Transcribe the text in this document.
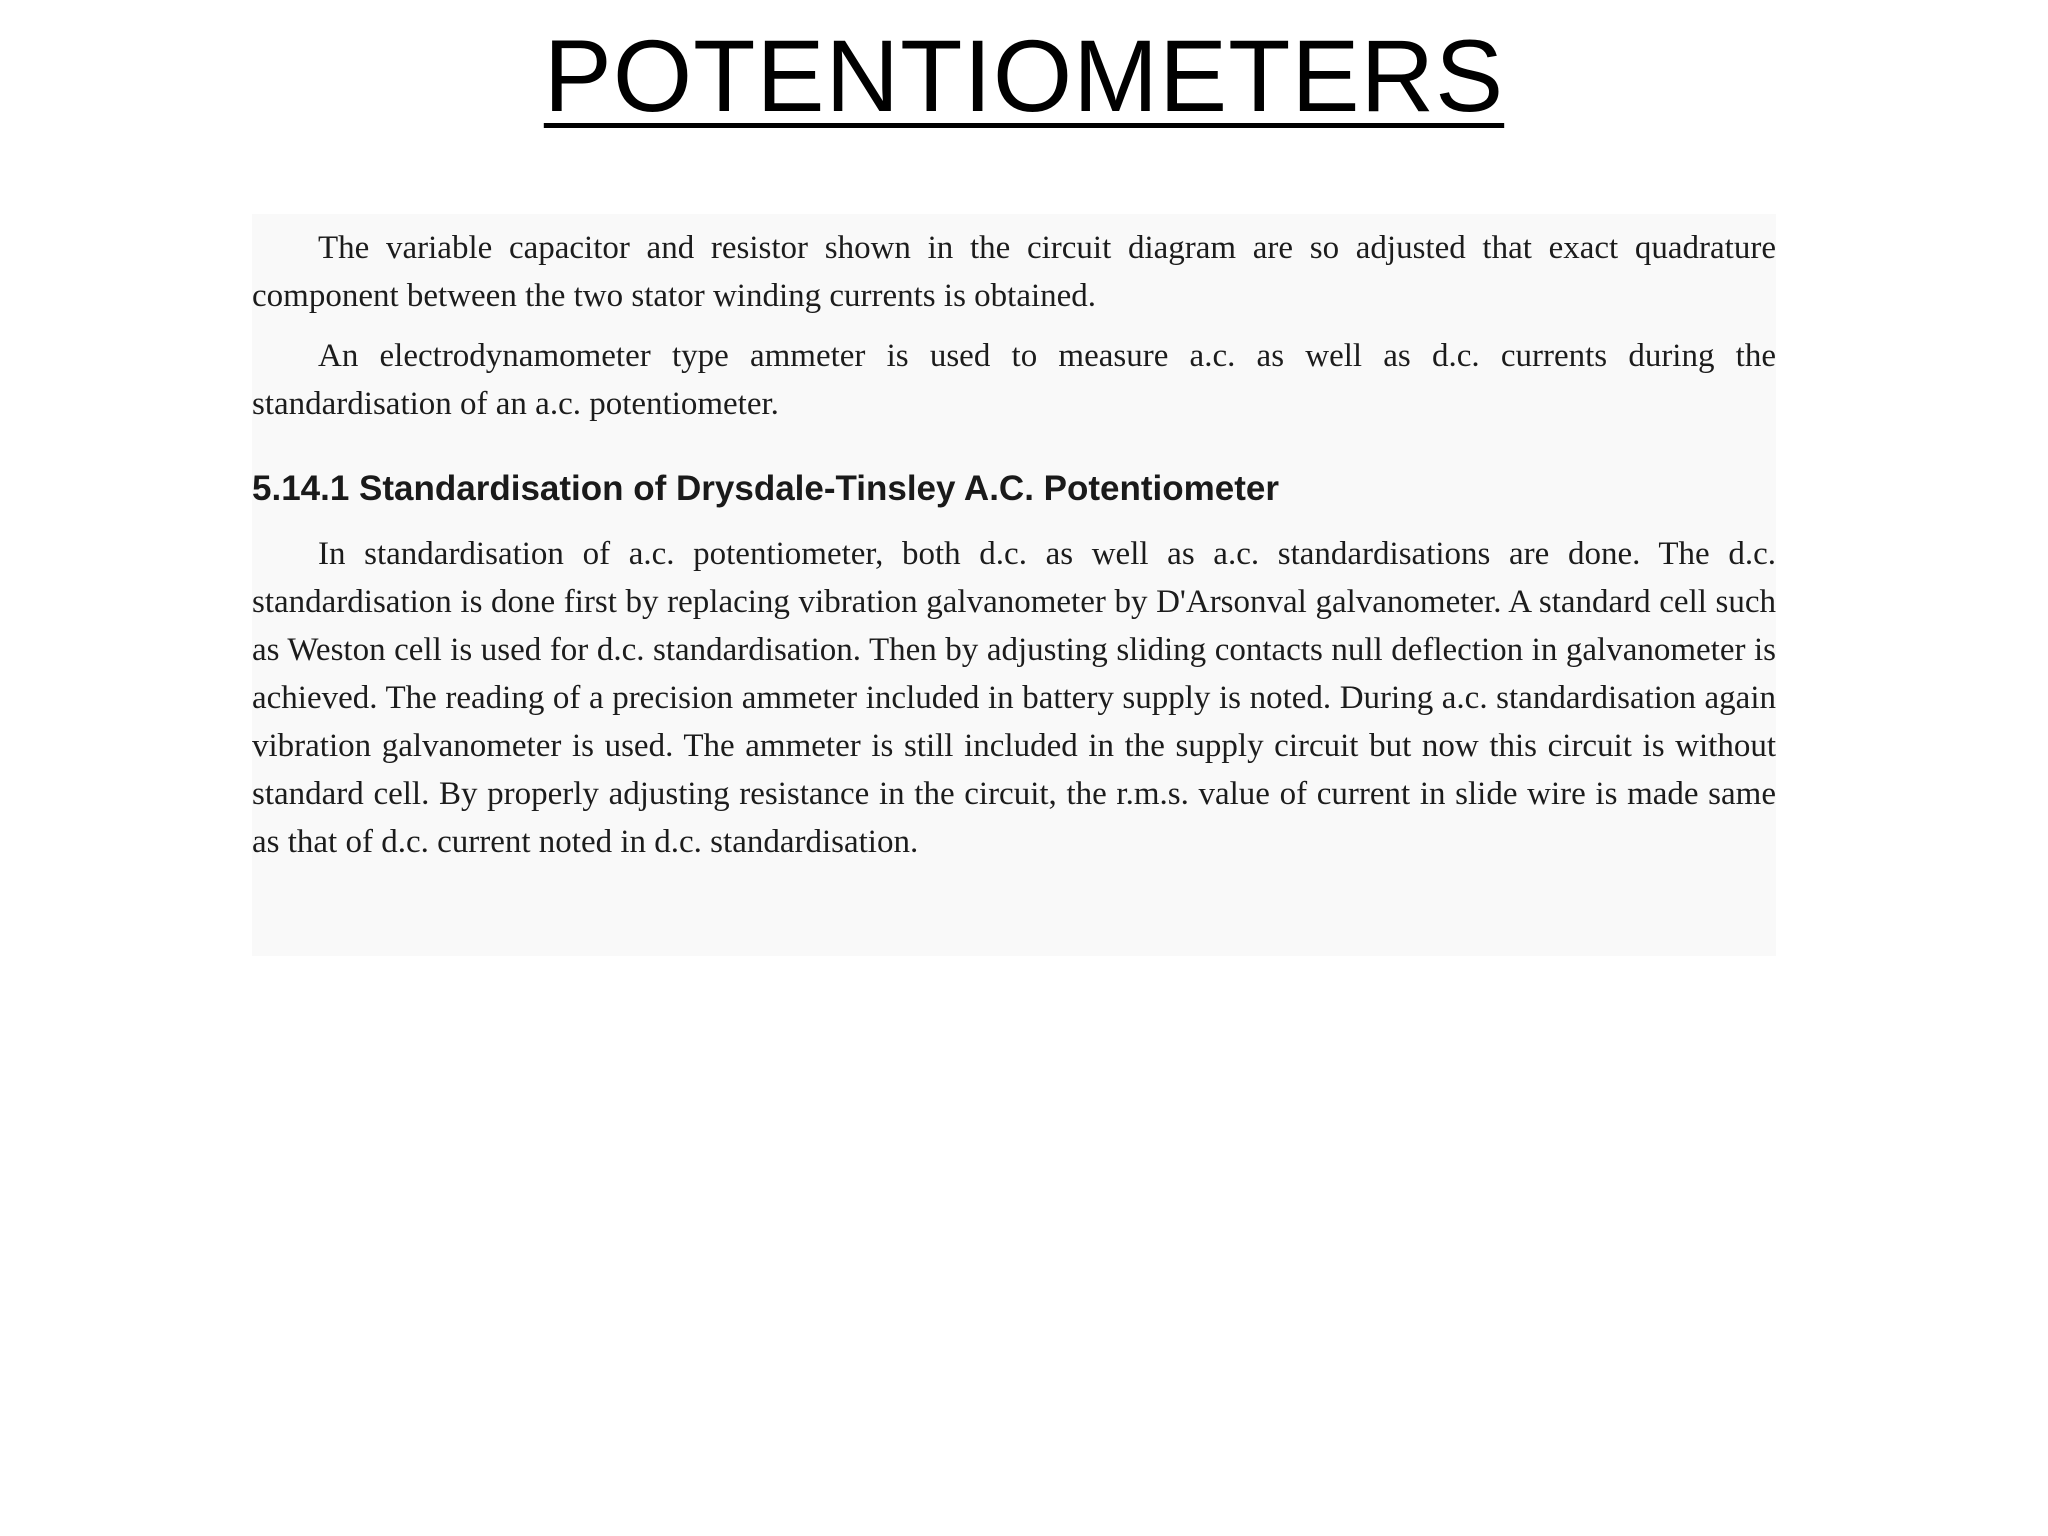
POTENTIOMETERS

The variable capacitor and resistor shown in the circuit diagram are so adjusted that exact quadrature component between the two stator winding currents is obtained.

An electrodynamometer type ammeter is used to measure a.c. as well as d.c. currents during the standardisation of an a.c. potentiometer.

5.14.1 Standardisation of Drysdale-Tinsley A.C. Potentiometer

In standardisation of a.c. potentiometer, both d.c. as well as a.c. standardisations are done. The d.c. standardisation is done first by replacing vibration galvanometer by D'Arsonval galvanometer. A standard cell such as Weston cell is used for d.c. standardisation. Then by adjusting sliding contacts null deflection in galvanometer is achieved. The reading of a precision ammeter included in battery supply is noted. During a.c. standardisation again vibration galvanometer is used. The ammeter is still included in the supply circuit but now this circuit is without standard cell. By properly adjusting resistance in the circuit, the r.m.s. value of current in slide wire is made same as that of d.c. current noted in d.c. standardisation.
